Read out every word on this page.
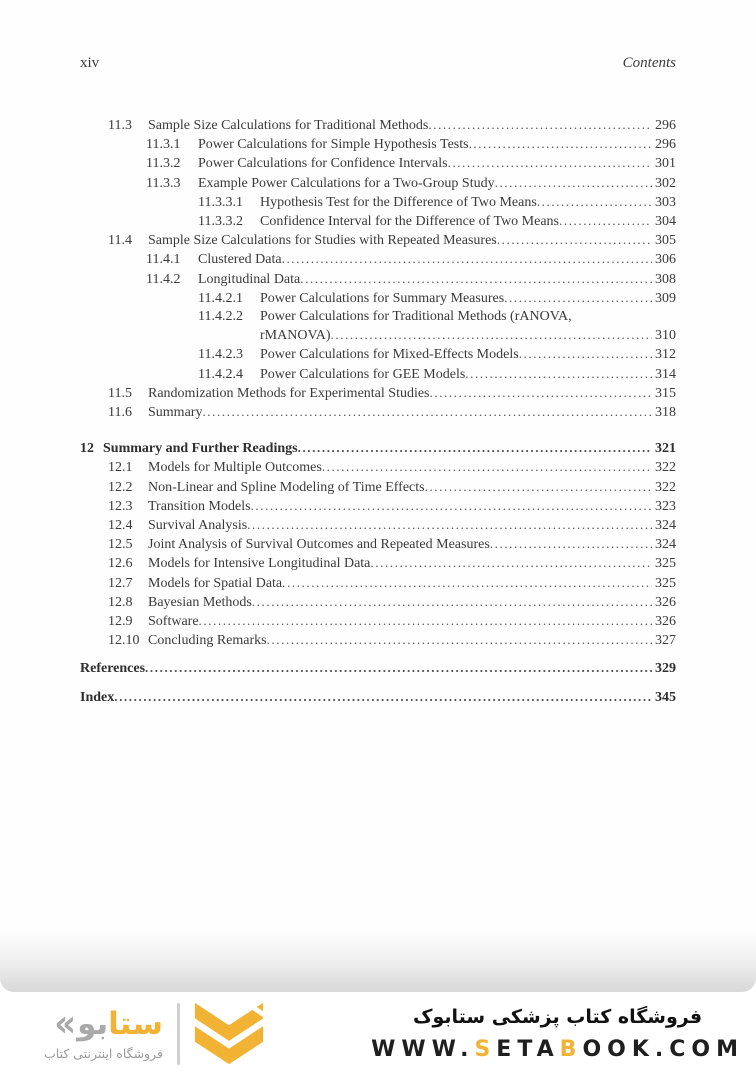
xiv	Contents
11.3	Sample Size Calculations for Traditional Methods .....	296
11.3.1	Power Calculations for Simple Hypothesis Tests .....	296
11.3.2	Power Calculations for Confidence Intervals .....	301
11.3.3	Example Power Calculations for a Two-Group Study .....	302
11.3.3.1	Hypothesis Test for the Difference of Two Means .....	303
11.3.3.2	Confidence Interval for the Difference of Two Means .....	304
11.4	Sample Size Calculations for Studies with Repeated Measures .....	305
11.4.1	Clustered Data .....	306
11.4.2	Longitudinal Data .....	308
11.4.2.1	Power Calculations for Summary Measures .....	309
11.4.2.2	Power Calculations for Traditional Methods (rANOVA,
rMANOVA) .....	310
11.4.2.3	Power Calculations for Mixed-Effects Models .....	312
11.4.2.4	Power Calculations for GEE Models .....	314
11.5	Randomization Methods for Experimental Studies .....	315
11.6	Summary .....	318
12 Summary and Further Readings .....	321
12.1	Models for Multiple Outcomes .....	322
12.2	Non-Linear and Spline Modeling of Time Effects .....	322
12.3	Transition Models .....	323
12.4	Survival Analysis .....	324
12.5	Joint Analysis of Survival Outcomes and Repeated Measures .....	324
12.6	Models for Intensive Longitudinal Data .....	325
12.7	Models for Spatial Data .....	325
12.8	Bayesian Methods .....	326
12.9	Software .....	326
12.10 Concluding Remarks .....	327
References .....	329
Index .....	345
« بو ستا
فروشگاه اینترنتی کتاب
فروشگاه کتاب پزشکی ستابوک
WWW.SETABOOK.COM
